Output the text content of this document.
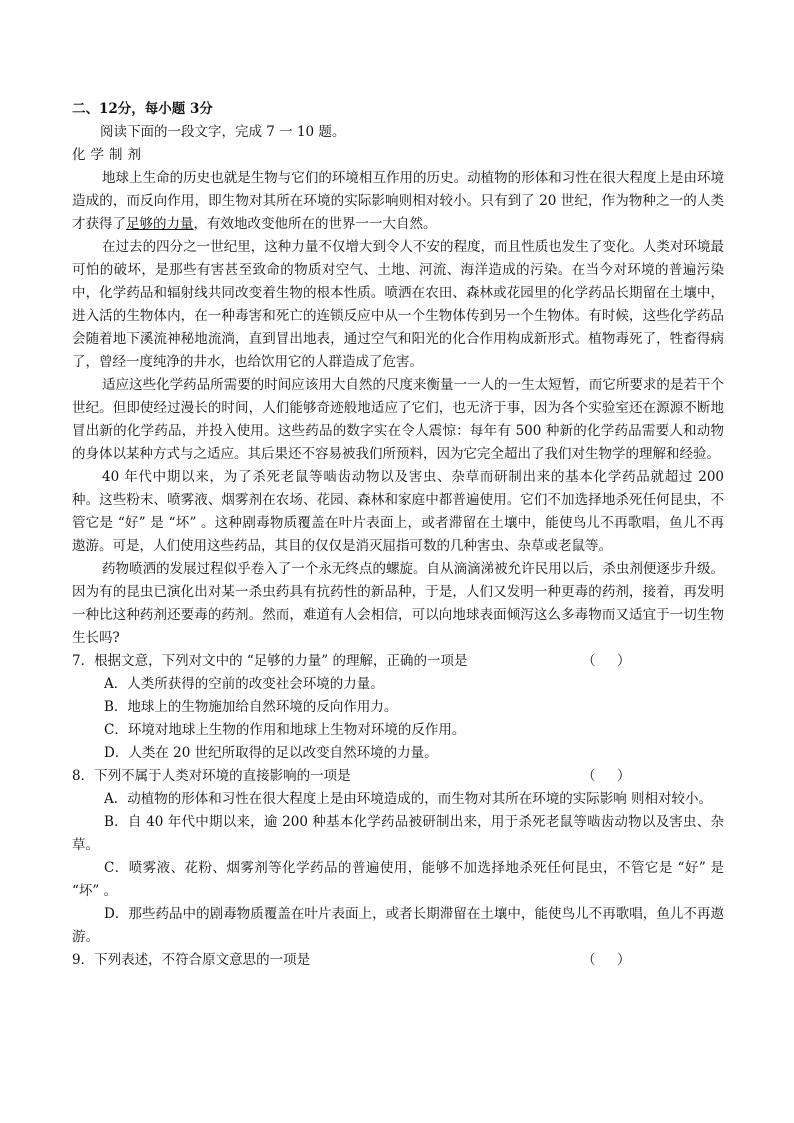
二、12分，每小题 3分
阅读下面的一段文字，完成 7 一 10 题。
化学制剂

地球上生命的历史也就是生物与它们的环境相互作用的历史。动植物的形体和习性在很大程度上是由环境造成的，而反向作用，即生物对其所在环境的实际影响则相对较小。只有到了 20 世纪，作为物种之一的人类才获得了足够的力量，有效地改变他所在的世界一一大自然。

在过去的四分之一世纪里，这种力量不仅增大到令人不安的程度，而且性质也发生了变化。人类对环境最可怕的破坏，是那些有害甚至致命的物质对空气、土地、河流、海洋造成的污染。在当今对环境的普遍污染中，化学药品和辐射线共同改变着生物的根本性质。喷洒在农田、森林或花园里的化学药品长期留在土壤中，进入活的生物体内，在一种毒害和死亡的连锁反应中从一个生物体传到另一个生物体。有时候，这些化学药品会随着地下溪流神秘地流淌，直到冒出地表，通过空气和阳光的化合作用构成新形式。植物毒死了，牲畜得病了，曾经一度纯净的井水，也给饮用它的人群造成了危害。

适应这些化学药品所需要的时间应该用大自然的尺度来衡量一一人的一生太短暂，而它所要求的是若干个世纪。但即使经过漫长的时间，人们能够奇迹般地适应了它们，也无济于事，因为各个实验室还在源源不断地冒出新的化学药品，并投入使用。这些药品的数字实在令人震惊：每年有 500 种新的化学药品需要人和动物的身体以某种方式与之适应。其后果还不容易被我们所预料，因为它完全超出了我们对生物学的理解和经验。

40 年代中期以来，为了杀死老鼠等啮齿动物以及害虫、杂草而研制出来的基本化学药品就超过 200 种。这些粉末、喷雾液、烟雾剂在农场、花园、森林和家庭中都普遍使用。它们不加选择地杀死任何昆虫，不管它是 “好” 是 “坏” 。这种剧毒物质覆盖在叶片表面上，或者滞留在土壤中，能使鸟儿不再歌唱，鱼儿不再遨游。可是，人们使用这些药品，其目的仅仅是消灭屈指可数的几种害虫、杂草或老鼠等。

药物喷洒的发展过程似乎卷入了一个永无终点的螺旋。自从滴滴涕被允许民用以后，杀虫剂便逐步升级。因为有的昆虫已演化出对某一杀虫药具有抗药性的新品种，于是，人们又发明一种更毒的药剂，接着，再发明一种比这种药剂还要毒的药剂。然而，难道有人会相信，可以向地球表面倾泻这么多毒物而又适宜于一切生物生长吗?

7．根据文意，下列对文中的 “足够的力量” 的理解，正确的一项是	（     ）
A．人类所获得的空前的改变社会环境的力量。
B．地球上的生物施加给自然环境的反向作用力。
C．环境对地球上生物的作用和地球上生物对环境的反作用。
D．人类在 20 世纪所取得的足以改变自然环境的力量。
8．下列不属于人类对环境的直接影响的一项是	（     ）
A．动植物的形体和习性在很大程度上是由环境造成的，而生物对其所在环境的实际影响 则相对较小。
B．自 40 年代中期以来，逾 200 种基本化学药品被研制出来，用于杀死老鼠等啮齿动物以及害虫、杂草。
C．喷雾液、花粉、烟雾剂等化学药品的普遍使用，能够不加选择地杀死任何昆虫，不管它是 “好” 是 “坏” 。
D．那些药品中的剧毒物质覆盖在叶片表面上，或者长期滞留在土壤中，能使鸟儿不再歌唱，鱼儿不再遨游。
9．下列表述，不符合原文意思的一项是	（     ）
